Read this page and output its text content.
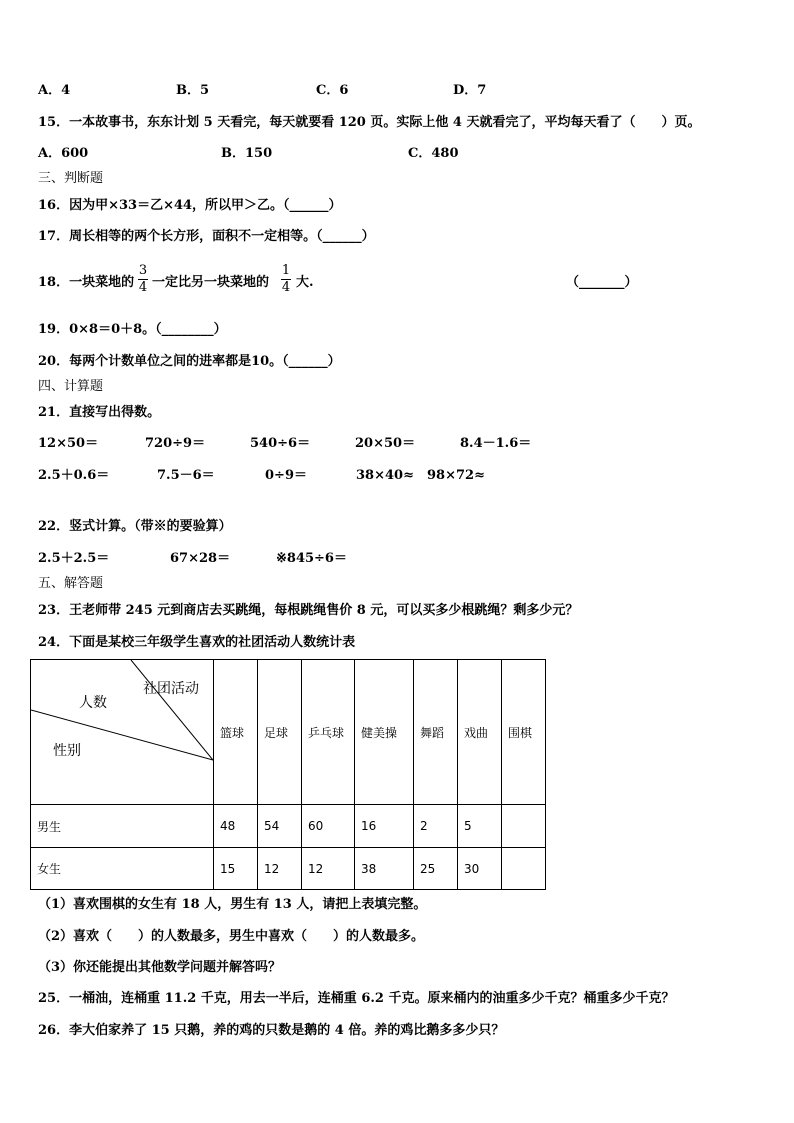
A．4	B．5	C．6	D．7
15．一本故事书，东东计划 5 天看完，每天就要看 120 页。实际上他 4 天就看完了，平均每天看了（　　）页。
A．600	B．150	C．480
三、判断题
16．因为甲×33＝乙×44，所以甲＞乙。（______）
17．周长相等的两个长方形，面积不一定相等。（______）
18．一块菜地的
3
4 一定比另一块菜地的
1
4 大.	（_______）
19．0×8＝0＋8。（________）
20．每两个计数单位之间的进率都是10。（______）
四、计算题
21．直接写出得数。
12×50＝	720÷9＝	540÷6＝	20×50＝	8.4－1.6＝
2.5＋0.6＝	7.5－6＝	0÷9＝	38×40≈ 98×72≈
22．竖式计算。（带※的要验算）
2.5＋2.5＝	67×28＝	※845÷6＝
五、解答题
23．王老师带 245 元到商店去买跳绳，每根跳绳售价 8 元，可以买多少根跳绳？剩多少元？
24．下面是某校三年级学生喜欢的社团活动人数统计表
社团活动
人数
性别	篮球	足球	乒乓球	健美操	舞蹈	戏曲	围棋
男生	48	54	60	16	2	5	
女生	15	12	12	38	25	30	
（1）喜欢围棋的女生有 18 人，男生有 13 人，请把上表填完整。
（2）喜欢（　　）的人数最多，男生中喜欢（　　）的人数最多。
（3）你还能提出其他数学问题并解答吗？
25．一桶油，连桶重 11.2 千克，用去一半后，连桶重 6.2 千克。原来桶内的油重多少千克？桶重多少千克？
26．李大伯家养了 15 只鹅，养的鸡的只数是鹅的 4 倍。养的鸡比鹅多多少只？
